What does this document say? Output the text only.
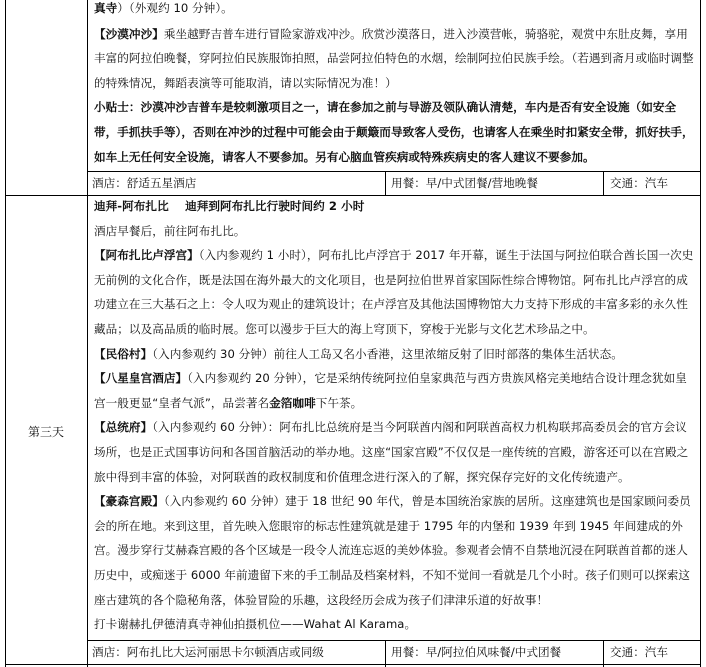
真寺）（外观约 10 分钟）。

【沙漠冲沙】乘坐越野吉普车进行冒险家游戏冲沙。欣赏沙漠落日，进入沙漠营帐，骑骆驼，观赏中东肚皮舞，享用丰富的阿拉伯晚餐，穿阿拉伯民族服饰拍照，品尝阿拉伯特色的水烟，绘制阿拉伯民族手绘。（若遇到斋月或临时调整的特殊情况，舞蹈表演等可能取消，请以实际情况为准！）

小贴士：沙漠冲沙吉普车是较刺激项目之一，请在参加之前与导游及领队确认清楚，车内是否有安全设施（如安全带，手抓扶手等），否则在冲沙的过程中可能会由于颠簸而导致客人受伤，也请客人在乘坐时扣紧安全带，抓好扶手，如车上无任何安全设施，请客人不要参加。另有心脑血管疾病或特殊疾病史的客人建议不要参加。

酒店：舒适五星酒店	用餐：早/中式团餐/营地晚餐	交通：汽车
第三天

迪拜-阿布扎比    迪拜到阿布扎比行驶时间约 2 小时

酒店早餐后，前往阿布扎比。

【阿布扎比卢浮宫】（入内参观约 1 小时），阿布扎比卢浮宫于 2017 年开幕，诞生于法国与阿拉伯联合酋长国一次史无前例的文化合作，既是法国在海外最大的文化项目，也是阿拉伯世界首家国际性综合博物馆。阿布扎比卢浮宫的成功建立在三大基石之上：令人叹为观止的建筑设计；在卢浮宫及其他法国博物馆大力支持下形成的丰富多彩的永久性藏品；以及高品质的临时展。您可以漫步于巨大的海上穹顶下，穿梭于光影与文化艺术珍品之中。

【民俗村】（入内参观约 30 分钟）前往人工岛又名小香港，这里浓缩反射了旧时部落的集体生活状态。

【八星皇宫酒店】（入内参观约 20 分钟），它是采纳传统阿拉伯皇家典范与西方贵族风格完美地结合设计理念犹如皇宫一般更显“皇者气派”，品尝著名金箔咖啡下午茶。

【总统府】（入内参观约 60 分钟）：阿布扎比总统府是当今阿联酋内阁和阿联酋高权力机构联邦高委员会的官方会议场所，也是正式国事访问和各国首脑活动的举办地。这座“国家宫殿”不仅仅是一座传统的宫殿，游客还可以在宫殿之旅中得到丰富的体验，对阿联酋的政权制度和价值理念进行深入的了解，探究保存完好的文化传统遗产。

【豪森宫殿】（入内参观约 60 分钟）建于 18 世纪 90 年代，曾是本国统治家族的居所。这座建筑也是国家顾问委员会的所在地。来到这里，首先映入您眼帘的标志性建筑就是建于 1795 年的内堡和 1939 年到 1945 年间建成的外宫。漫步穿行艾赫森宫殿的各个区域是一段令人流连忘返的美妙体验。参观者会情不自禁地沉浸在阿联酋首都的迷人历史中，或痴迷于 6000 年前遗留下来的手工制品及档案材料，不知不觉间一看就是几个小时。孩子们则可以探索这座古建筑的各个隐秘角落，体验冒险的乐趣，这段经历会成为孩子们津津乐道的好故事！

打卡谢赫扎伊德清真寺神仙拍摄机位——Wahat Al Karama。

酒店：阿布扎比大运河丽思卡尔顿酒店或同级	用餐：早/阿拉伯风味餐/中式团餐	交通：汽车
